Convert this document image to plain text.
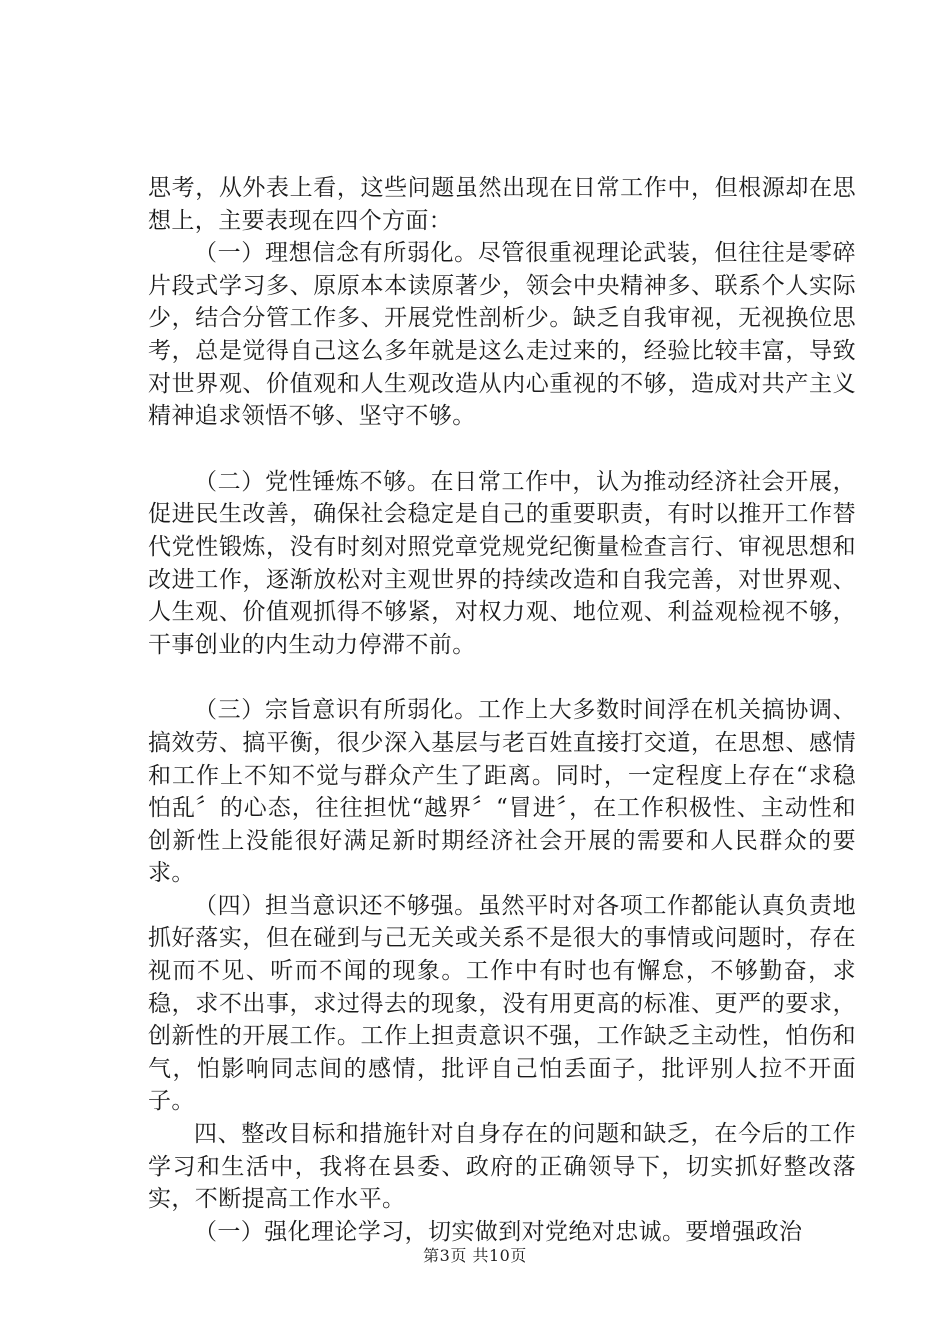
思考，从外表上看，这些问题虽然出现在日常工作中，但根源却在思想上，主要表现在四个方面：

（一）理想信念有所弱化。尽管很重视理论武装，但往往是零碎片段式学习多、原原本本读原著少，领会中央精神多、联系个人实际少，结合分管工作多、开展党性剖析少。缺乏自我审视，无视换位思考，总是觉得自己这么多年就是这么走过来的，经验比较丰富，导致对世界观、价值观和人生观改造从内心重视的不够，造成对共产主义精神追求领悟不够、坚守不够。

（二）党性锤炼不够。在日常工作中，认为推动经济社会开展，促进民生改善，确保社会稳定是自己的重要职责，有时以推开工作替代党性锻炼，没有时刻对照党章党规党纪衡量检查言行、审视思想和改进工作，逐渐放松对主观世界的持续改造和自我完善，对世界观、人生观、价值观抓得不够紧，对权力观、地位观、利益观检视不够，干事创业的内生动力停滞不前。

（三）宗旨意识有所弱化。工作上大多数时间浮在机关搞协调、搞效劳、搞平衡，很少深入基层与老百姓直接打交道，在思想、感情和工作上不知不觉与群众产生了距离。同时，一定程度上存在“求稳怕乱〞的心态，往往担忧“越界〞“冒进〞，在工作积极性、主动性和创新性上没能很好满足新时期经济社会开展的需要和人民群众的要求。

（四）担当意识还不够强。虽然平时对各项工作都能认真负责地抓好落实，但在碰到与己无关或关系不是很大的事情或问题时，存在视而不见、听而不闻的现象。工作中有时也有懈怠，不够勤奋，求稳，求不出事，求过得去的现象，没有用更高的标准、更严的要求，创新性的开展工作。工作上担责意识不强，工作缺乏主动性，怕伤和气，怕影响同志间的感情，批评自己怕丢面子，批评别人拉不开面子。

四、整改目标和措施针对自身存在的问题和缺乏，在今后的工作学习和生活中，我将在县委、政府的正确领导下，切实抓好整改落实，不断提高工作水平。

（一）强化理论学习，切实做到对党绝对忠诚。要增强政治

第3页 共10页
